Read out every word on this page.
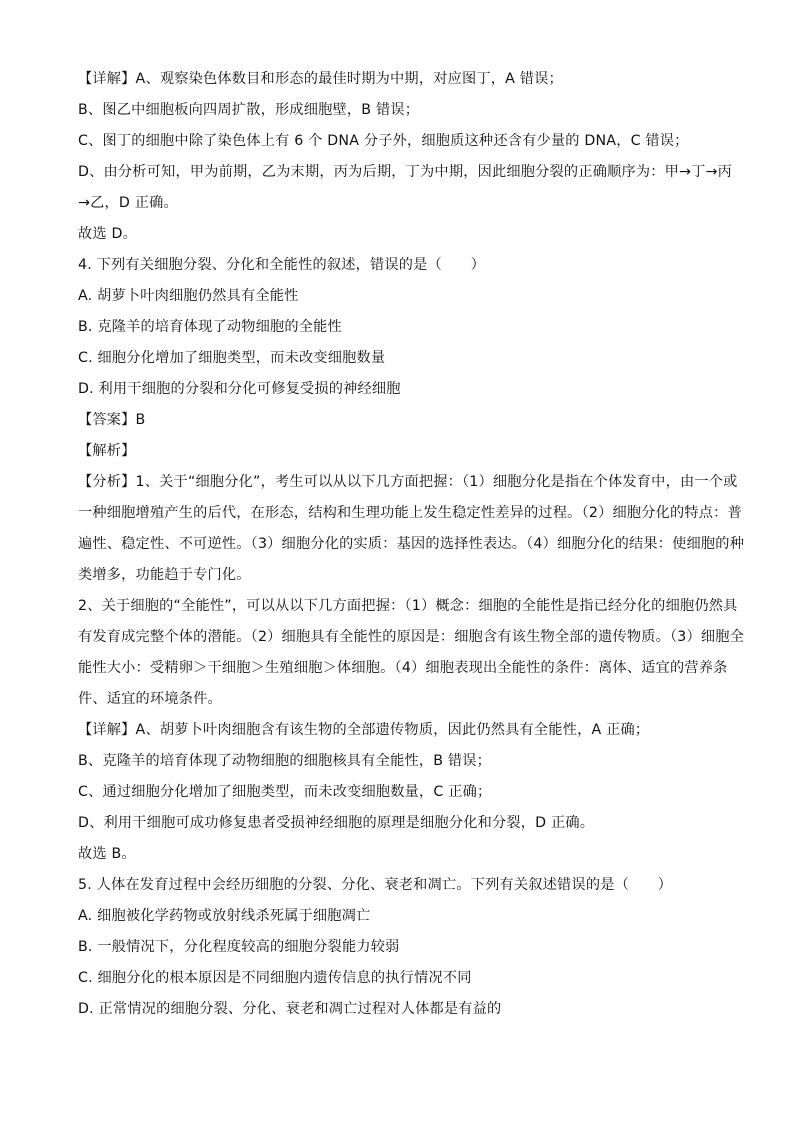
【详解】A、观察染色体数目和形态的最佳时期为中期，对应图丁，A 错误；
B、图乙中细胞板向四周扩散，形成细胞壁，B 错误；
C、图丁的细胞中除了染色体上有 6 个 DNA 分子外，细胞质这种还含有少量的 DNA，C 错误；
D、由分析可知，甲为前期，乙为末期，丙为后期，丁为中期，因此细胞分裂的正确顺序为：甲→丁→丙
→乙，D 正确。
故选 D。
4. 下列有关细胞分裂、分化和全能性的叙述，错误的是（　　）
A. 胡萝卜叶肉细胞仍然具有全能性
B. 克隆羊的培育体现了动物细胞的全能性
C. 细胞分化增加了细胞类型，而未改变细胞数量
D. 利用干细胞的分裂和分化可修复受损的神经细胞
【答案】B
【解析】
【分析】1、关于“细胞分化”，考生可以从以下几方面把握：（1）细胞分化是指在个体发育中，由一个或
一种细胞增殖产生的后代，在形态，结构和生理功能上发生稳定性差异的过程。（2）细胞分化的特点：普
遍性、稳定性、不可逆性。（3）细胞分化的实质：基因的选择性表达。（4）细胞分化的结果：使细胞的种
类增多，功能趋于专门化。
2、关于细胞的“全能性”，可以从以下几方面把握：（1）概念：细胞的全能性是指已经分化的细胞仍然具
有发育成完整个体的潜能。（2）细胞具有全能性的原因是：细胞含有该生物全部的遗传物质。（3）细胞全
能性大小：受精卵＞干细胞＞生殖细胞＞体细胞。（4）细胞表现出全能性的条件：离体、适宜的营养条
件、适宜的环境条件。
【详解】A、胡萝卜叶肉细胞含有该生物的全部遗传物质，因此仍然具有全能性，A 正确；
B、克隆羊的培育体现了动物细胞的细胞核具有全能性，B 错误；
C、通过细胞分化增加了细胞类型，而未改变细胞数量，C 正确；
D、利用干细胞可成功修复患者受损神经细胞的原理是细胞分化和分裂，D 正确。
故选 B。
5. 人体在发育过程中会经历细胞的分裂、分化、衰老和凋亡。下列有关叙述错误的是（　　）
A. 细胞被化学药物或放射线杀死属于细胞凋亡
B. 一般情况下，分化程度较高的细胞分裂能力较弱
C. 细胞分化的根本原因是不同细胞内遗传信息的执行情况不同
D. 正常情况的细胞分裂、分化、衰老和凋亡过程对人体都是有益的
